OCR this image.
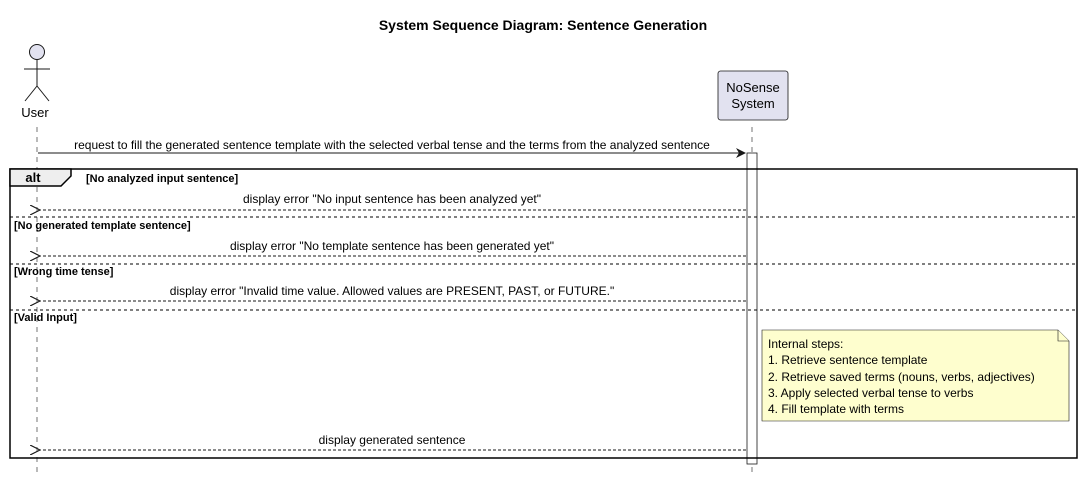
System Sequence Diagram: Sentence Generation
User
NoSense
System
request to fill the generated sentence template with the selected verbal tense and the terms from the analyzed sentence
alt	[No analyzed input sentence]
display error "No input sentence has been analyzed yet"
[No generated template sentence]
display error "No template sentence has been generated yet"
[Wrong time tense]
display error "Invalid time value. Allowed values are PRESENT, PAST, or FUTURE."
[Valid Input]
Internal steps:
1. Retrieve sentence template
2. Retrieve saved terms (nouns, verbs, adjectives)
3. Apply selected verbal tense to verbs
4. Fill template with terms
display generated sentence
